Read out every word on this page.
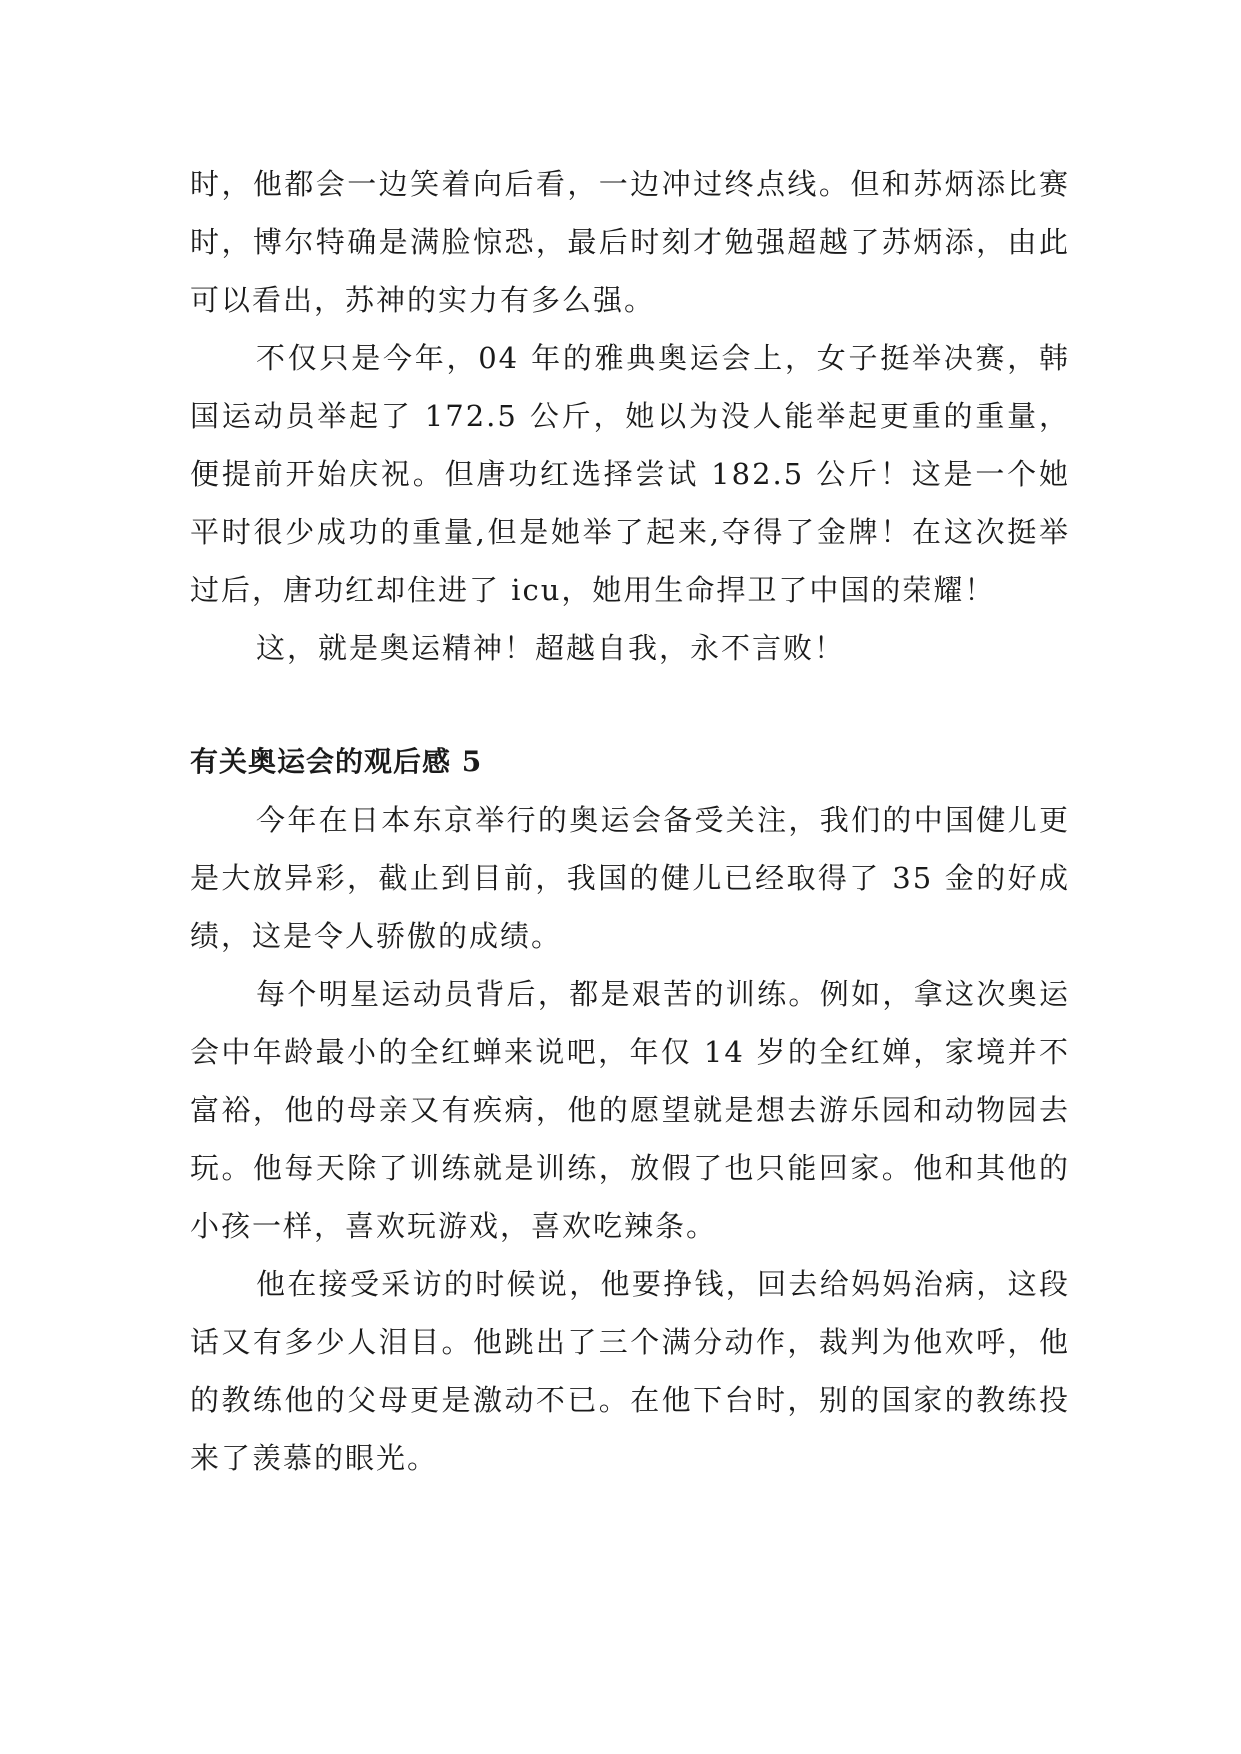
时，他都会一边笑着向后看，一边冲过终点线。但和苏炳添比赛时，博尔特确是满脸惊恐，最后时刻才勉强超越了苏炳添，由此可以看出，苏神的实力有多么强。

不仅只是今年，04 年的雅典奥运会上，女子挺举决赛，韩国运动员举起了 172.5 公斤，她以为没人能举起更重的重量，便提前开始庆祝。但唐功红选择尝试 182.5 公斤！这是一个她平时很少成功的重量,但是她举了起来,夺得了金牌！在这次挺举过后，唐功红却住进了 icu，她用生命捍卫了中国的荣耀！

这，就是奥运精神！超越自我，永不言败！

有关奥运会的观后感 5

今年在日本东京举行的奥运会备受关注，我们的中国健儿更是大放异彩，截止到目前，我国的健儿已经取得了 35 金的好成绩，这是令人骄傲的成绩。

每个明星运动员背后，都是艰苦的训练。例如，拿这次奥运会中年龄最小的全红蝉来说吧，年仅 14 岁的全红婵，家境并不富裕，他的母亲又有疾病，他的愿望就是想去游乐园和动物园去玩。他每天除了训练就是训练，放假了也只能回家。他和其他的小孩一样，喜欢玩游戏，喜欢吃辣条。

他在接受采访的时候说，他要挣钱，回去给妈妈治病，这段话又有多少人泪目。他跳出了三个满分动作，裁判为他欢呼，他的教练他的父母更是激动不已。在他下台时，别的国家的教练投来了羡慕的眼光。
